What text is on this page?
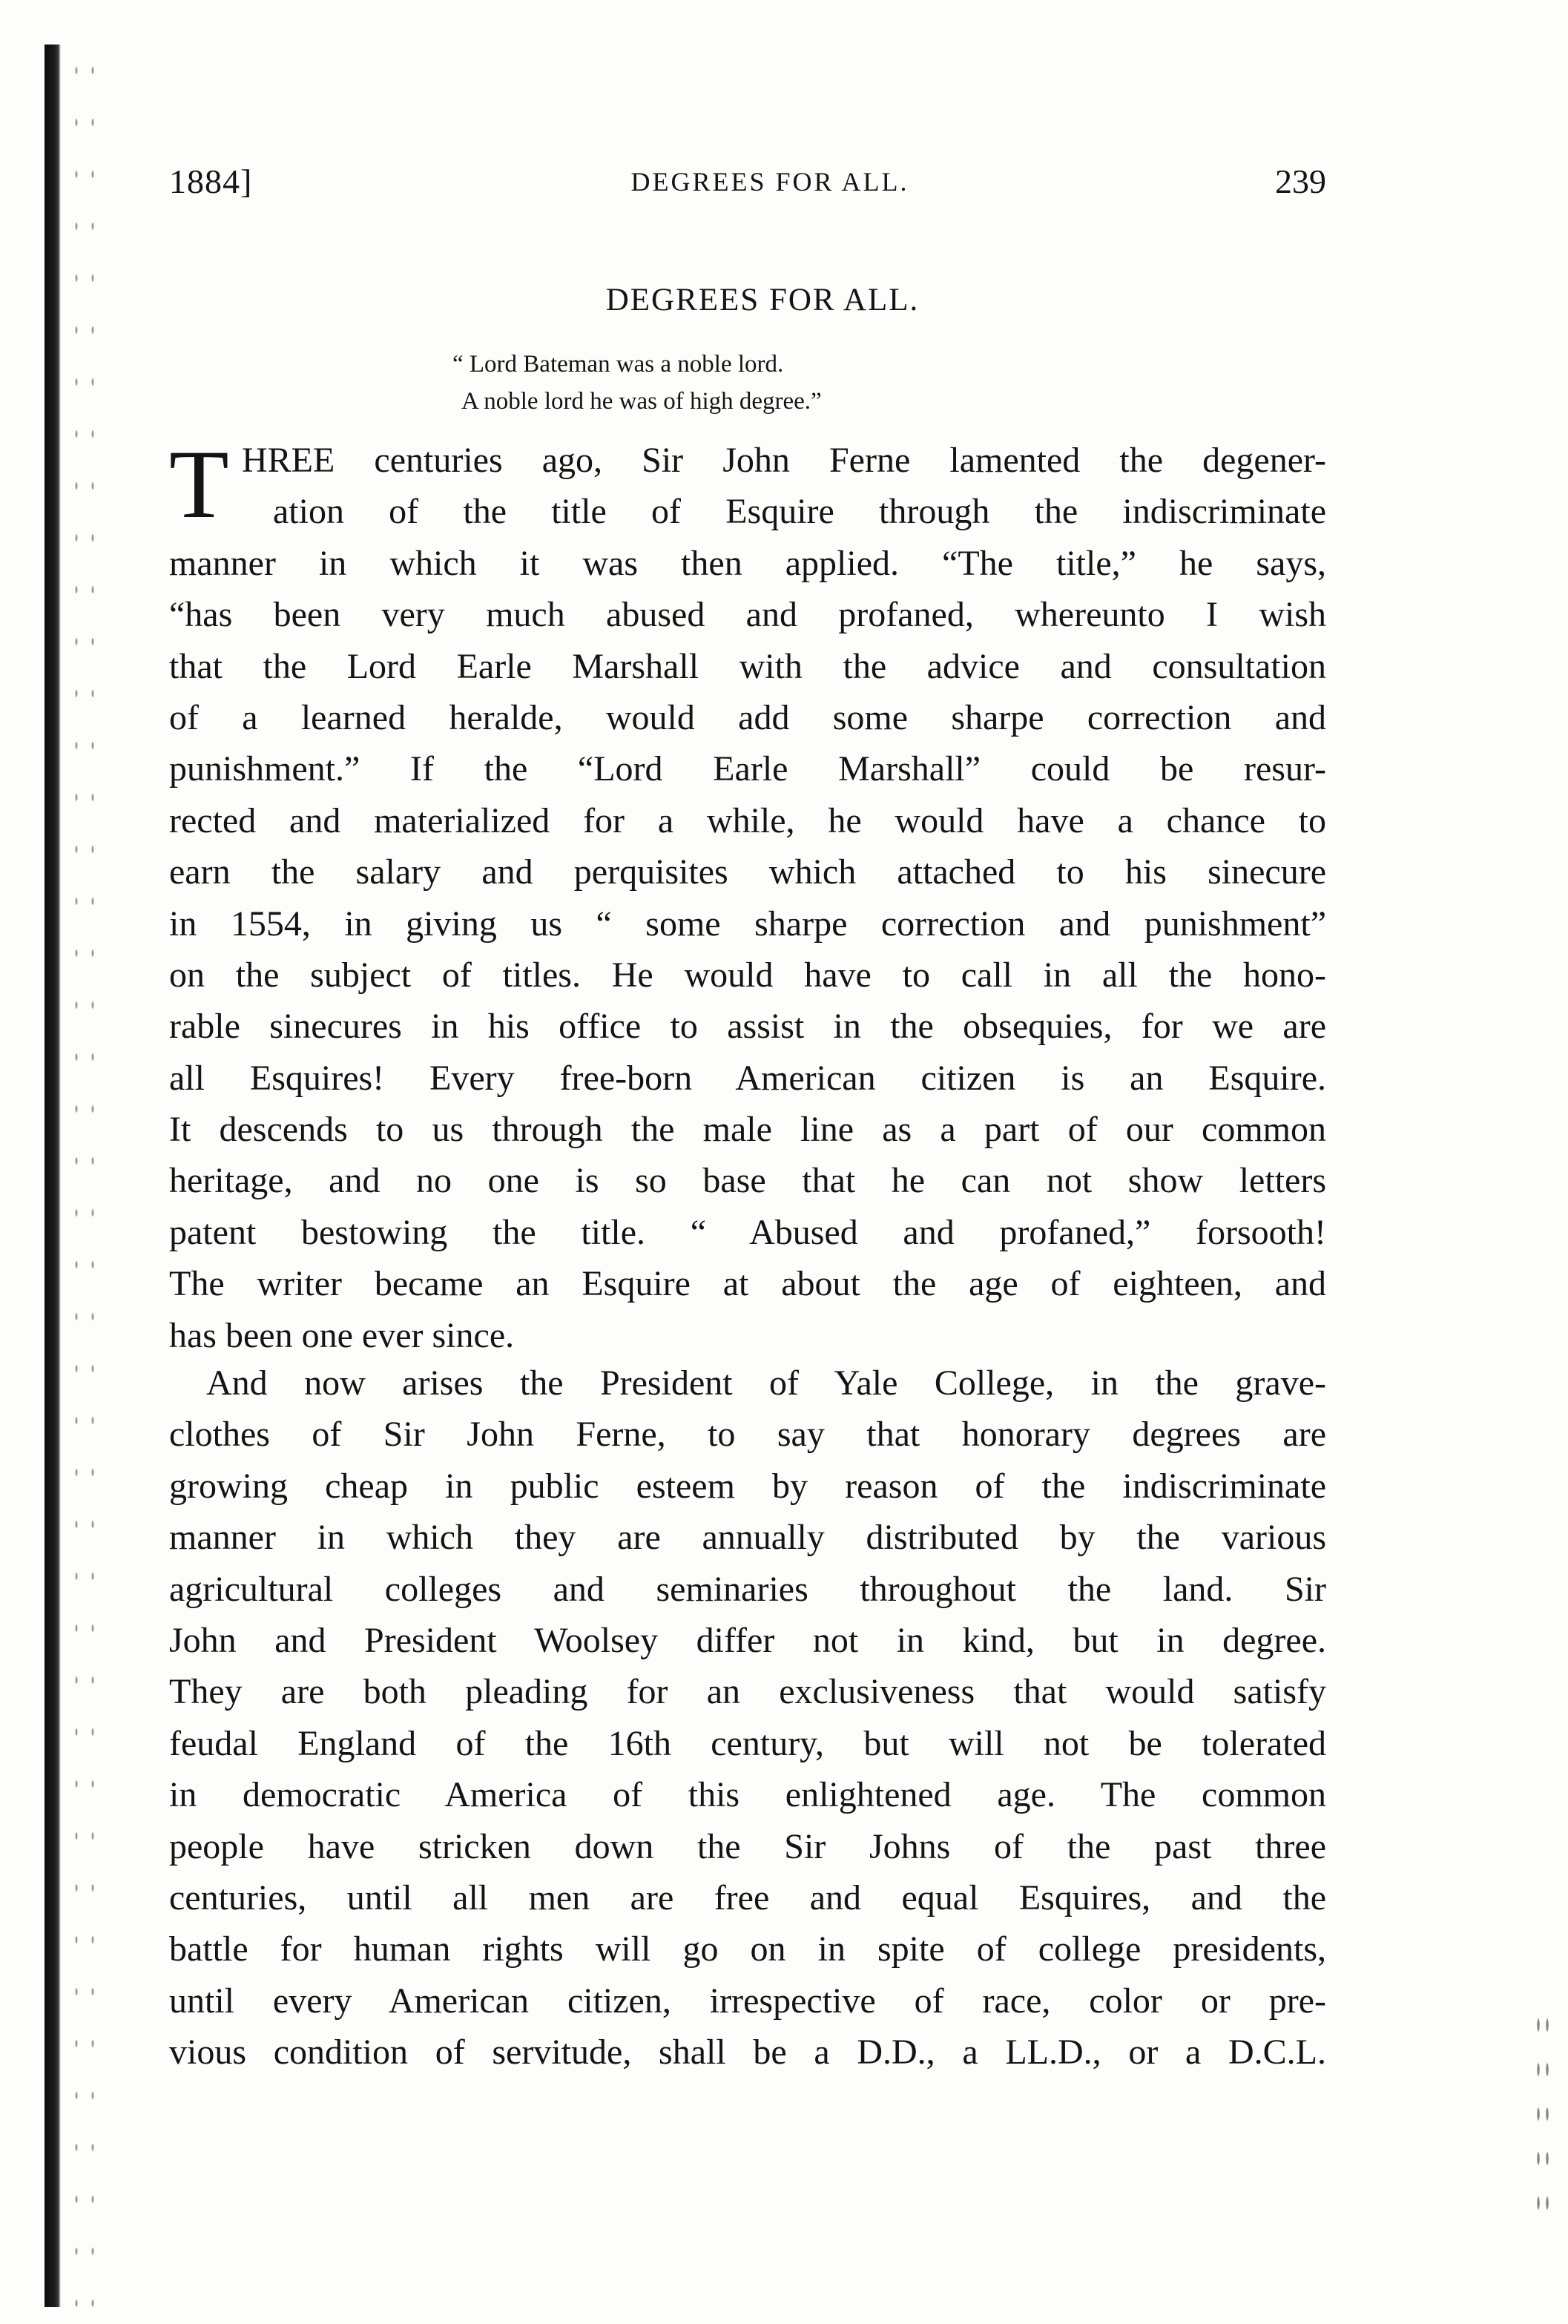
1884]	DEGREES FOR ALL.	239
DEGREES FOR ALL.
“ Lord Bateman was a noble lord.
A noble lord he was of high degree.”
T HREE centuries ago, Sir John Ferne lamented the degener-
ation of the title of Esquire through the indiscriminate
manner in which it was then applied. “The title,” he says,
“has been very much abused and profaned, whereunto I wish
that the Lord Earle Marshall with the advice and consultation
of a learned heralde, would add some sharpe correction and
punishment.” If the “Lord Earle Marshall” could be resur-
rected and materialized for a while, he would have a chance to
earn the salary and perquisites which attached to his sinecure
in 1554, in giving us “ some sharpe correction and punishment”
on the subject of titles. He would have to call in all the hono-
rable sinecures in his office to assist in the obsequies, for we are
all Esquires! Every free-born American citizen is an Esquire.
It descends to us through the male line as a part of our common
heritage, and no one is so base that he can not show letters
patent bestowing the title. “ Abused and profaned,” forsooth!
The writer became an Esquire at about the age of eighteen, and
has been one ever since.
And now arises the President of Yale College, in the grave-
clothes of Sir John Ferne, to say that honorary degrees are
growing cheap in public esteem by reason of the indiscriminate
manner in which they are annually distributed by the various
agricultural colleges and seminaries throughout the land. Sir
John and President Woolsey differ not in kind, but in degree.
They are both pleading for an exclusiveness that would satisfy
feudal England of the 16th century, but will not be tolerated
in democratic America of this enlightened age. The common
people have stricken down the Sir Johns of the past three
centuries, until all men are free and equal Esquires, and the
battle for human rights will go on in spite of college presidents,
until every American citizen, irrespective of race, color or pre-
vious condition of servitude, shall be a D.D., a LL.D., or a D.C.L.
